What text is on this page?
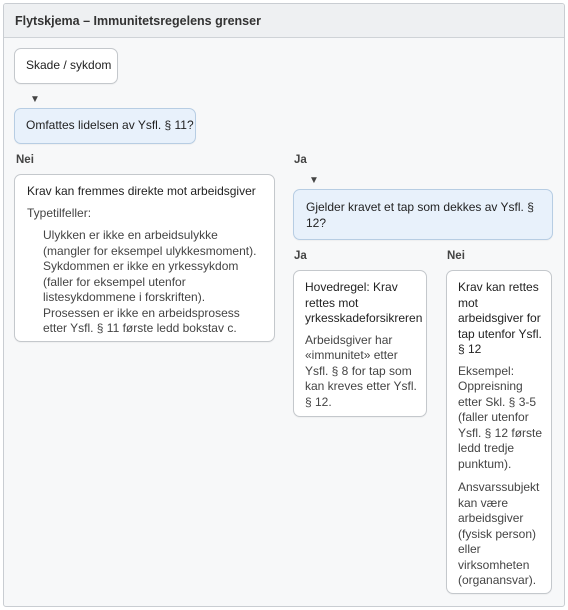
Flytskjema – Immunitetsregelens grenser
Skade / sykdom
▼
Omfattes lidelsen av Ysfl. § 11?
Nei
Krav kan fremmes direkte mot arbeidsgiver
Typetilfeller:
Ulykken er ikke en arbeidsulykke (mangler for eksempel ulykkesmoment).
Sykdommen er ikke en yrkessykdom (faller for eksempel utenfor listesykdommene i forskriften).
Prosessen er ikke en arbeidsprosess etter Ysfl. § 11 første ledd bokstav c.
Ja
▼
Gjelder kravet et tap som dekkes av Ysfl. § 12?
Ja
Hovedregel: Krav rettes mot yrkesskadeforsikreren
Arbeidsgiver har «immunitet» etter Ysfl. § 8 for tap som kan kreves etter Ysfl. § 12.
Nei
Krav kan rettes mot arbeidsgiver for tap utenfor Ysfl. § 12
Eksempel: Oppreisning etter Skl. § 3-5 (faller utenfor Ysfl. § 12 første ledd tredje punktum).
Ansvarssubjekt kan være arbeidsgiver (fysisk person) eller virksomheten (organansvar).
